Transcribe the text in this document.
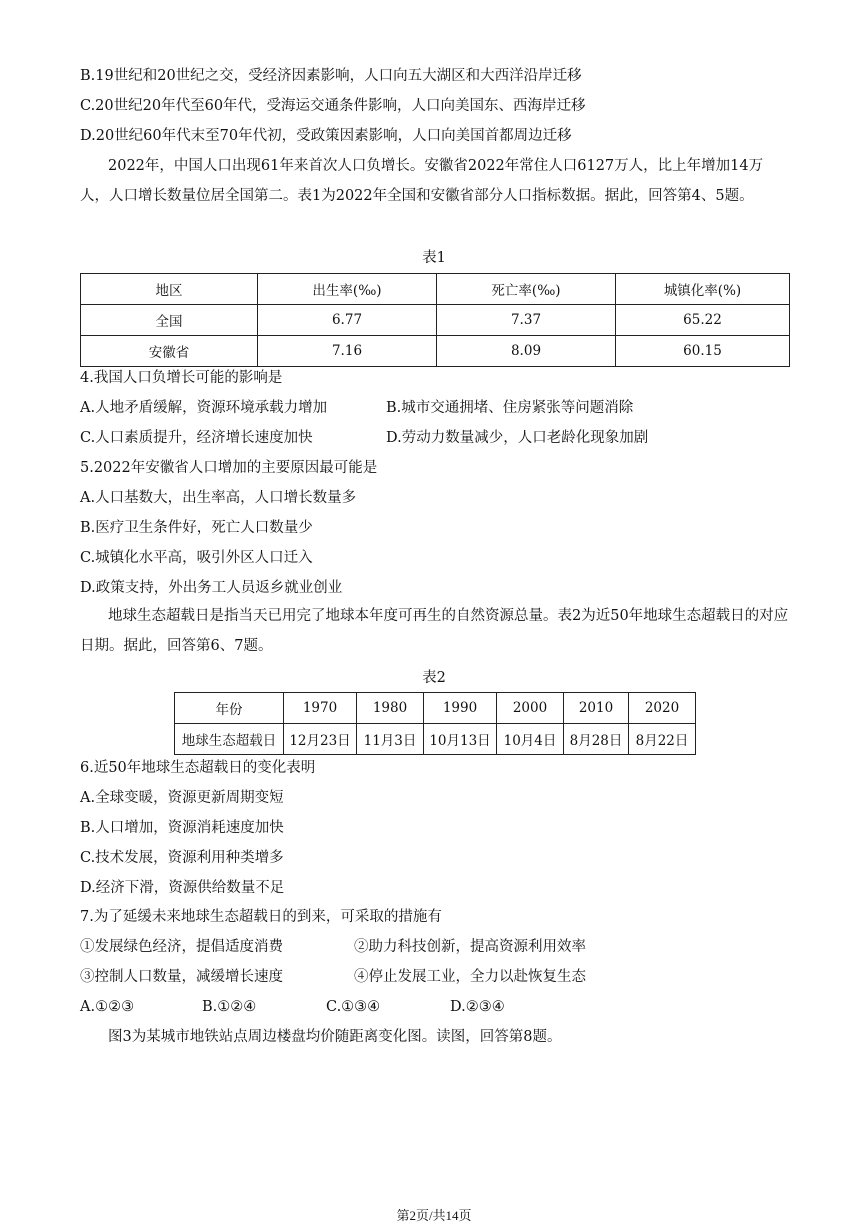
B.19世纪和20世纪之交，受经济因素影响，人口向五大湖区和大西洋沿岸迁移
C.20世纪20年代至60年代，受海运交通条件影响，人口向美国东、西海岸迁移
D.20世纪60年代末至70年代初，受政策因素影响，人口向美国首都周边迁移
2022年，中国人口出现61年来首次人口负增长。安徽省2022年常住人口6127万人，比上年增加14万人，人口增长数量位居全国第二。表1为2022年全国和安徽省部分人口指标数据。据此，回答第4、5题。
表1
地区	出生率(‰)	死亡率(‰)	城镇化率(%)
全国	6.77	7.37	65.22
安徽省	7.16	8.09	60.15
4.我国人口负增长可能的影响是
A.人地矛盾缓解，资源环境承载力增加	B.城市交通拥堵、住房紧张等问题消除
C.人口素质提升，经济增长速度加快	D.劳动力数量减少，人口老龄化现象加剧
5.2022年安徽省人口增加的主要原因最可能是
A.人口基数大，出生率高，人口增长数量多
B.医疗卫生条件好，死亡人口数量少
C.城镇化水平高，吸引外区人口迁入
D.政策支持，外出务工人员返乡就业创业
地球生态超载日是指当天已用完了地球本年度可再生的自然资源总量。表2为近50年地球生态超载日的对应日期。据此，回答第6、7题。
表2
年份	1970	1980	1990	2000	2010	2020
地球生态超载日	12月23日	11月3日	10月13日	10月4日	8月28日	8月22日
6.近50年地球生态超载日的变化表明
A.全球变暖，资源更新周期变短
B.人口增加，资源消耗速度加快
C.技术发展，资源利用种类增多
D.经济下滑，资源供给数量不足
7.为了延缓未来地球生态超载日的到来，可采取的措施有
①发展绿色经济，提倡适度消费	②助力科技创新，提高资源利用效率
③控制人口数量，减缓增长速度	④停止发展工业，全力以赴恢复生态
A.①②③	B.①②④	C.①③④	D.②③④
图3为某城市地铁站点周边楼盘均价随距离变化图。读图，回答第8题。
第2页/共14页
